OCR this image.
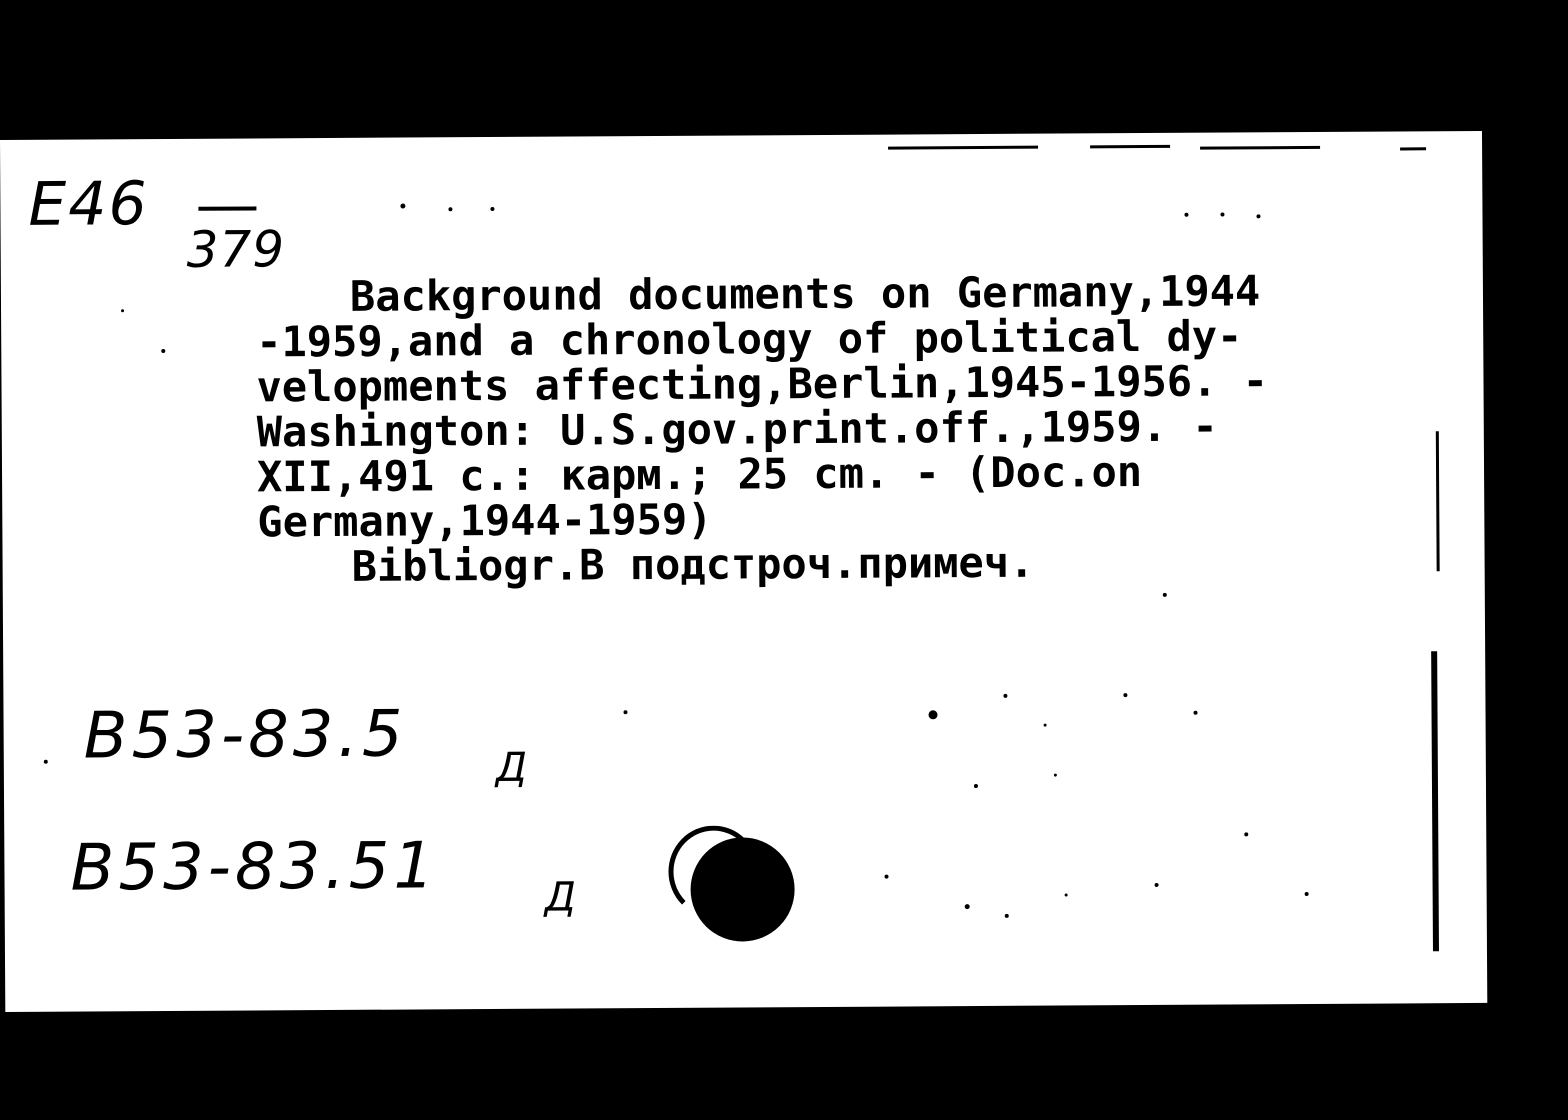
E46
379
Background documents on Germany,1944
-1959,and a chronology of political dy-
velopments affecting,Berlin,1945-1956. -
Washington: U.S.gov.print.off.,1959. -
XII,491 c.: карм.; 25 cm. - (Doc.on
Germany,1944-1959)
Bibliogr.В подстроч.примеч.
B53-83.5 Д
B53-83.51	Д
